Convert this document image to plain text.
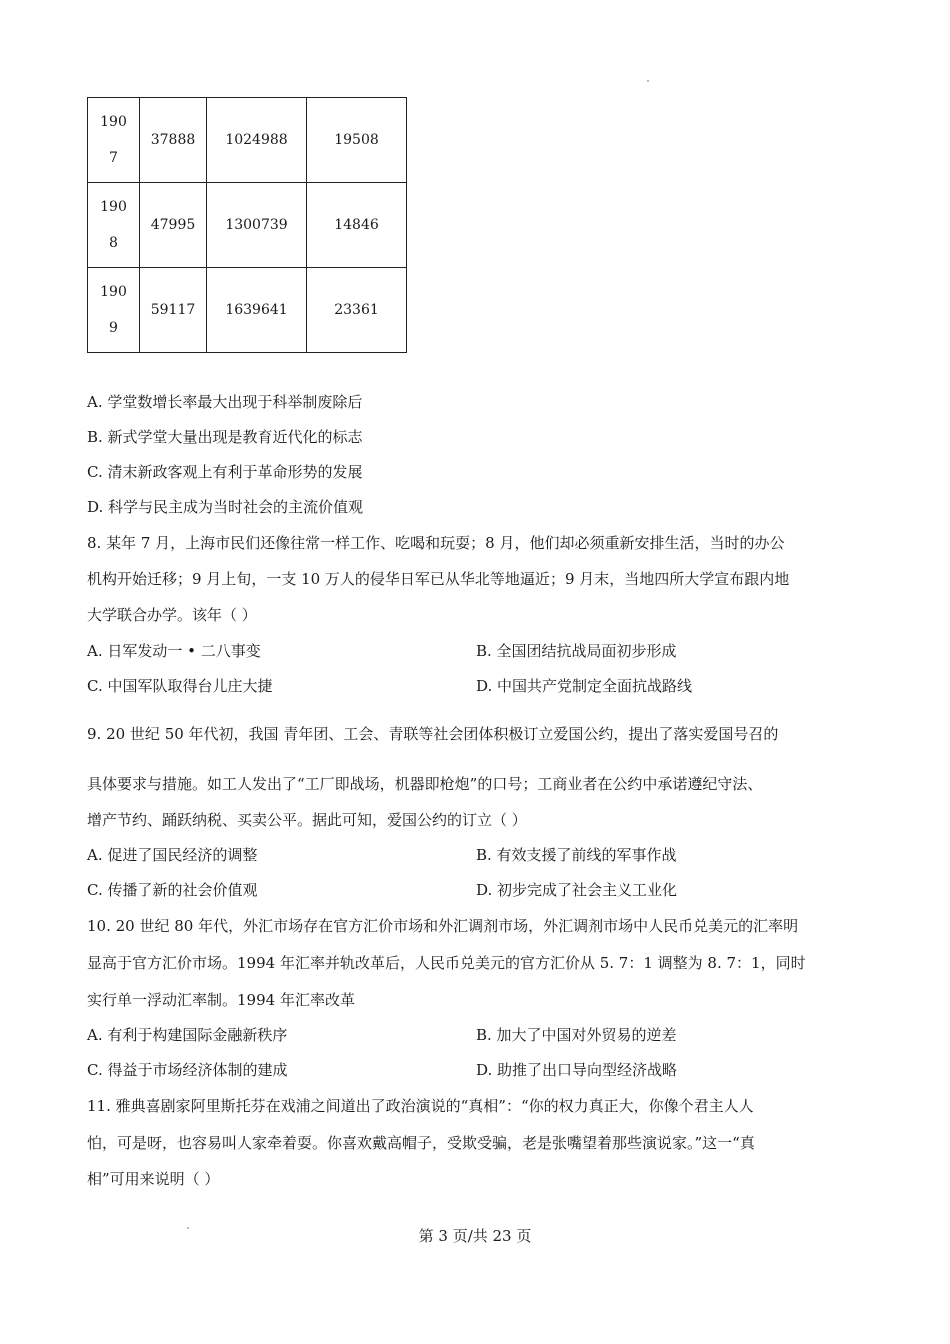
1907	37888	1024988	19508

1908	47995	1300739	14846

1909	59117	1639641	23361
A. 学堂数增长率最大出现于科举制废除后
B. 新式学堂大量出现是教育近代化的标志
C. 清末新政客观上有利于革命形势的发展
D. 科学与民主成为当时社会的主流价值观
8. 某年 7 月，上海市民们还像往常一样工作、吃喝和玩耍；8 月，他们却必须重新安排生活，当时的办公
机构开始迁移；9 月上旬，一支 10 万人的侵华日军已从华北等地逼近；9 月末，当地四所大学宣布跟内地
大学联合办学。该年（ ）
A. 日军发动一 • 二八事变	B. 全国团结抗战局面初步形成
C. 中国军队取得台儿庄大捷	D. 中国共产党制定全面抗战路线
9. 20 世纪 50 年代初，我国 青年团、工会、青联等社会团体积极订立爱国公约，提出了落实爱国号召的
具体要求与措施。如工人发出了“工厂即战场，机器即枪炮”的口号；工商业者在公约中承诺遵纪守法、
增产节约、踊跃纳税、买卖公平。据此可知，爱国公约的订立（ ）
A. 促进了国民经济的调整	B. 有效支援了前线的军事作战
C. 传播了新的社会价值观	D. 初步完成了社会主义工业化
10. 20 世纪 80 年代，外汇市场存在官方汇价市场和外汇调剂市场，外汇调剂市场中人民币兑美元的汇率明
显高于官方汇价市场。1994 年汇率并轨改革后，人民币兑美元的官方汇价从 5. 7：1 调整为 8. 7：1，同时
实行单一浮动汇率制。1994 年汇率改革
A. 有利于构建国际金融新秩序	B. 加大了中国对外贸易的逆差
C. 得益于市场经济体制的建成	D. 助推了出口导向型经济战略
11. 雅典喜剧家阿里斯托芬在戏浦之间道出了政治演说的“真相”：“你的权力真正大，你像个君主人人
怕，可是呀，也容易叫人家牵着耍。你喜欢戴高帽子，受欺受骗，老是张嘴望着那些演说家。”这一“真
相”可用来说明（ ）
第 3 页/共 23 页
